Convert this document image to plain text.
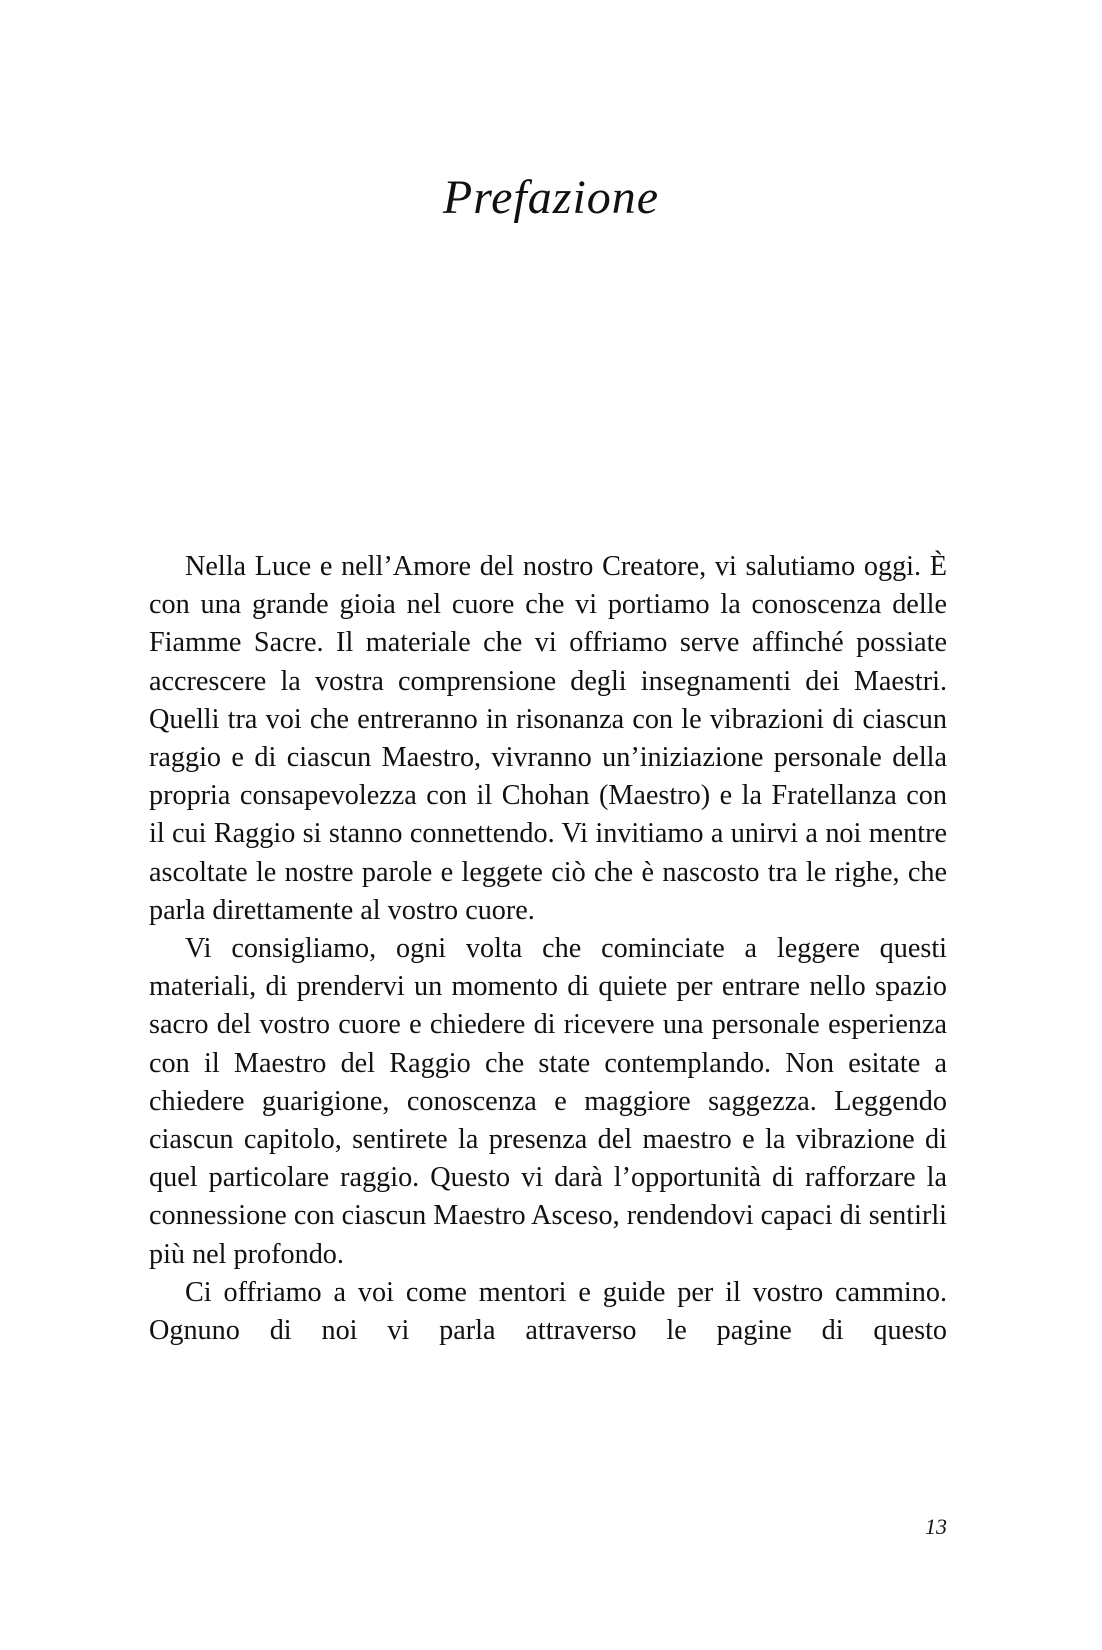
Prefazione

Nella Luce e nell’Amore del nostro Creatore, vi salutiamo oggi. È con una grande gioia nel cuore che vi portiamo la conoscenza delle Fiamme Sacre. Il materiale che vi offriamo serve affinché possiate accrescere la vostra comprensione degli insegnamenti dei Maestri. Quelli tra voi che entreranno in risonanza con le vibrazioni di ciascun raggio e di ciascun Maestro, vivranno un’iniziazione personale della propria consapevolezza con il Chohan (Maestro) e la Fratellanza con il cui Raggio si stanno connettendo. Vi invitiamo a unirvi a noi mentre ascoltate le nostre parole e leggete ciò che è nascosto tra le righe, che parla direttamente al vostro cuore.

Vi consigliamo, ogni volta che cominciate a leggere questi materiali, di prendervi un momento di quiete per entrare nello spazio sacro del vostro cuore e chiedere di ricevere una personale esperienza con il Maestro del Raggio che state contemplando. Non esitate a chiedere guarigione, conoscenza e maggiore saggezza. Leggendo ciascun capitolo, sentirete la presenza del maestro e la vibrazione di quel particolare raggio. Questo vi darà l’opportunità di rafforzare la connessione con ciascun Maestro Asceso, rendendovi capaci di sentirli più nel profondo.

Ci offriamo a voi come mentori e guide per il vostro cammino. Ognuno di noi vi parla attraverso le pagine di questo

13
